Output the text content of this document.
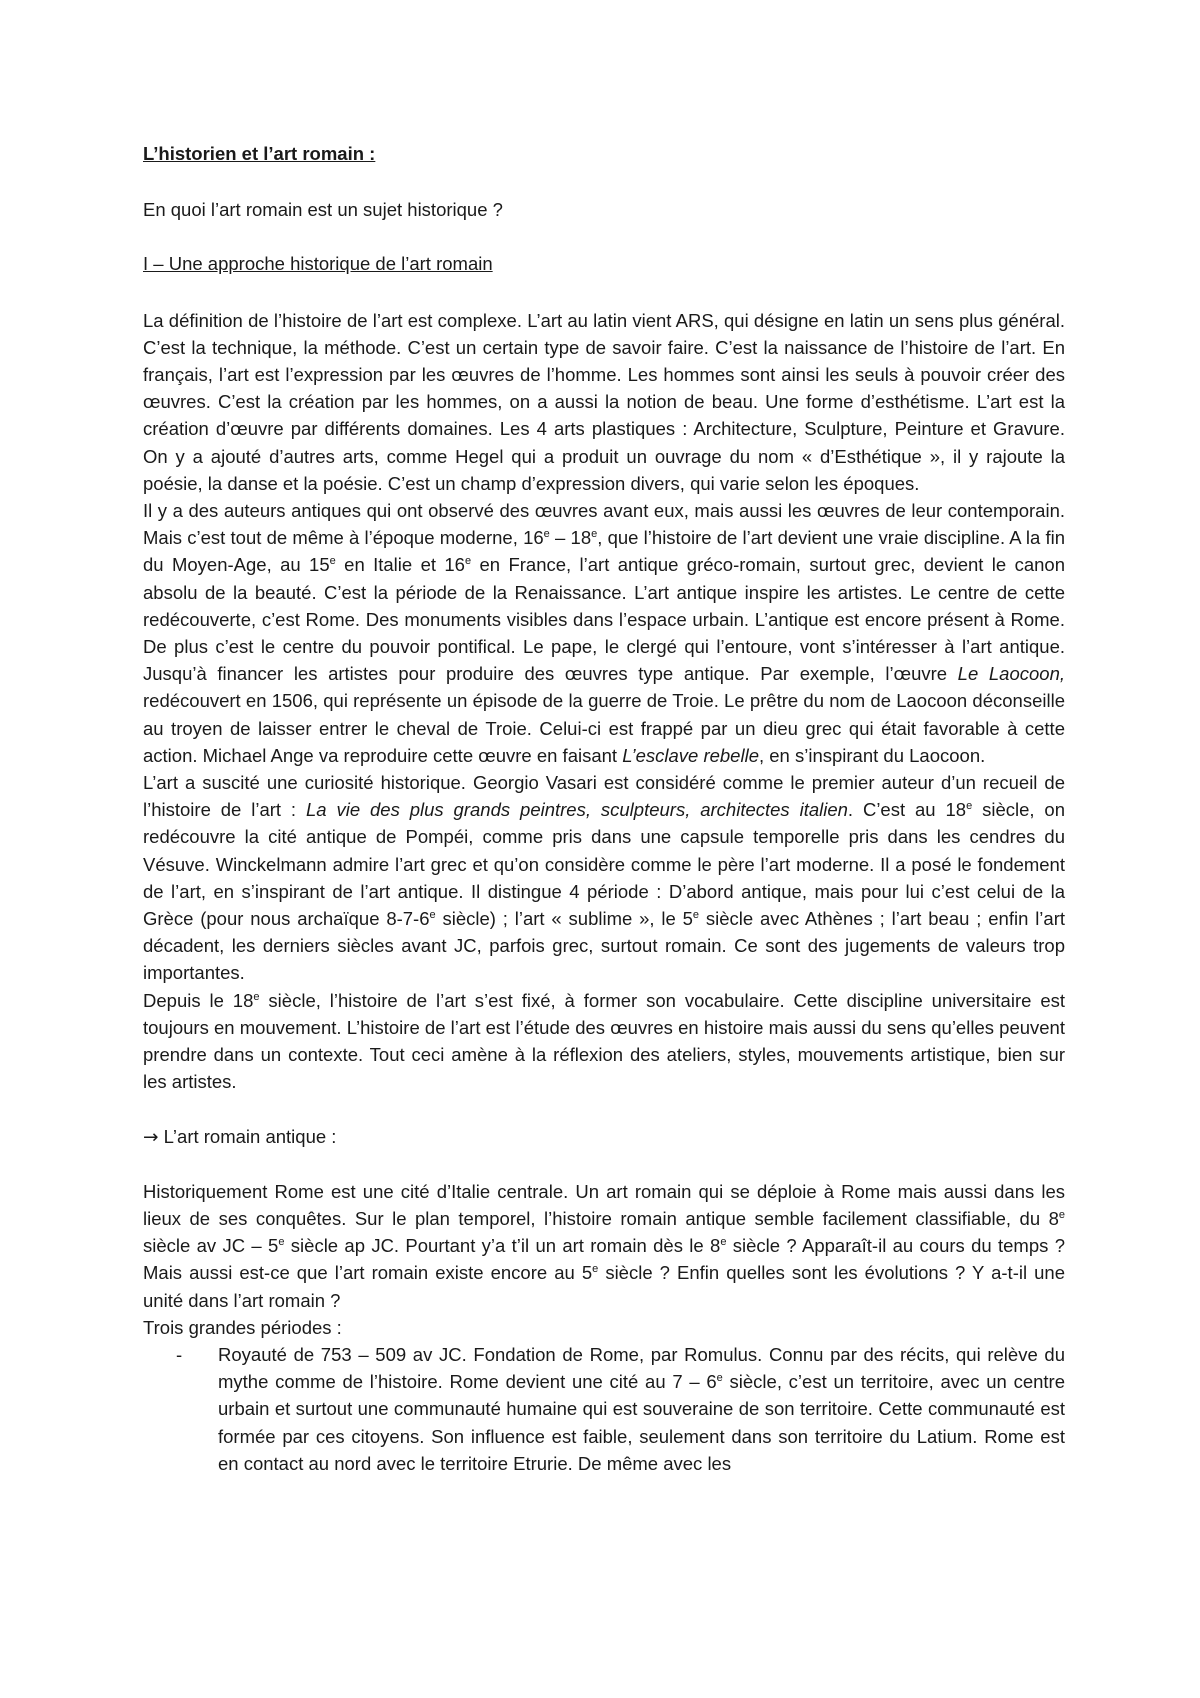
L’historien et l’art romain :

En quoi l’art romain est un sujet historique ?

I – Une approche historique de l’art romain

La définition de l’histoire de l’art est complexe. L’art au latin vient ARS, qui désigne en latin un sens plus général. C’est la technique, la méthode. C’est un certain type de savoir faire. C’est la naissance de l’histoire de l’art. En français, l’art est l’expression par les œuvres de l’homme. Les hommes sont ainsi les seuls à pouvoir créer des œuvres. C’est la création par les hommes, on a aussi la notion de beau. Une forme d’esthétisme. L’art est la création d’œuvre par différents domaines. Les 4 arts plastiques : Architecture, Sculpture, Peinture et Gravure. On y a ajouté d’autres arts, comme Hegel qui a produit un ouvrage du nom « d’Esthétique », il y rajoute la poésie, la danse et la poésie. C’est un champ d’expression divers, qui varie selon les époques.

Il y a des auteurs antiques qui ont observé des œuvres avant eux, mais aussi les œuvres de leur contemporain. Mais c’est tout de même à l’époque moderne, 16e – 18e, que l’histoire de l’art devient une vraie discipline. A la fin du Moyen-Age, au 15e en Italie et 16e en France, l’art antique gréco-romain, surtout grec, devient le canon absolu de la beauté. C’est la période de la Renaissance. L’art antique inspire les artistes. Le centre de cette redécouverte, c’est Rome. Des monuments visibles dans l’espace urbain. L’antique est encore présent à Rome. De plus c’est le centre du pouvoir pontifical. Le pape, le clergé qui l’entoure, vont s’intéresser à l’art antique. Jusqu’à financer les artistes pour produire des œuvres type antique. Par exemple, l’œuvre Le Laocoon, redécouvert en 1506, qui représente un épisode de la guerre de Troie. Le prêtre du nom de Laocoon déconseille au troyen de laisser entrer le cheval de Troie. Celui-ci est frappé par un dieu grec qui était favorable à cette action. Michael Ange va reproduire cette œuvre en faisant L’esclave rebelle, en s’inspirant du Laocoon.

L’art a suscité une curiosité historique. Georgio Vasari est considéré comme le premier auteur d’un recueil de l’histoire de l’art : La vie des plus grands peintres, sculpteurs, architectes italien. C’est au 18e siècle, on redécouvre la cité antique de Pompéi, comme pris dans une capsule temporelle pris dans les cendres du Vésuve. Winckelmann admire l’art grec et qu’on considère comme le père l’art moderne. Il a posé le fondement de l’art, en s’inspirant de l’art antique. Il distingue 4 période : D’abord antique, mais pour lui c’est celui de la Grèce (pour nous archaïque 8-7-6e siècle) ; l’art « sublime », le 5e siècle avec Athènes ; l’art beau ; enfin l’art décadent, les derniers siècles avant JC, parfois grec, surtout romain. Ce sont des jugements de valeurs trop importantes.

Depuis le 18e siècle, l’histoire de l’art s’est fixé, à former son vocabulaire. Cette discipline universitaire est toujours en mouvement. L’histoire de l’art est l’étude des œuvres en histoire mais aussi du sens qu’elles peuvent prendre dans un contexte. Tout ceci amène à la réflexion des ateliers, styles, mouvements artistique, bien sur les artistes.

→ L’art romain antique :

Historiquement Rome est une cité d’Italie centrale. Un art romain qui se déploie à Rome mais aussi dans les lieux de ses conquêtes. Sur le plan temporel, l’histoire romain antique semble facilement classifiable, du 8e siècle av JC – 5e siècle ap JC. Pourtant y’a t’il un art romain dès le 8e siècle ? Apparaît-il au cours du temps ? Mais aussi est-ce que l’art romain existe encore au 5e siècle ? Enfin quelles sont les évolutions ? Y a-t-il une unité dans l’art romain ?

Trois grandes périodes :

- Royauté de 753 – 509 av JC. Fondation de Rome, par Romulus. Connu par des récits, qui relève du mythe comme de l’histoire. Rome devient une cité au 7 – 6e siècle, c’est un territoire, avec un centre urbain et surtout une communauté humaine qui est souveraine de son territoire. Cette communauté est formée par ces citoyens. Son influence est faible, seulement dans son territoire du Latium. Rome est en contact au nord avec le territoire Etrurie. De même avec les
